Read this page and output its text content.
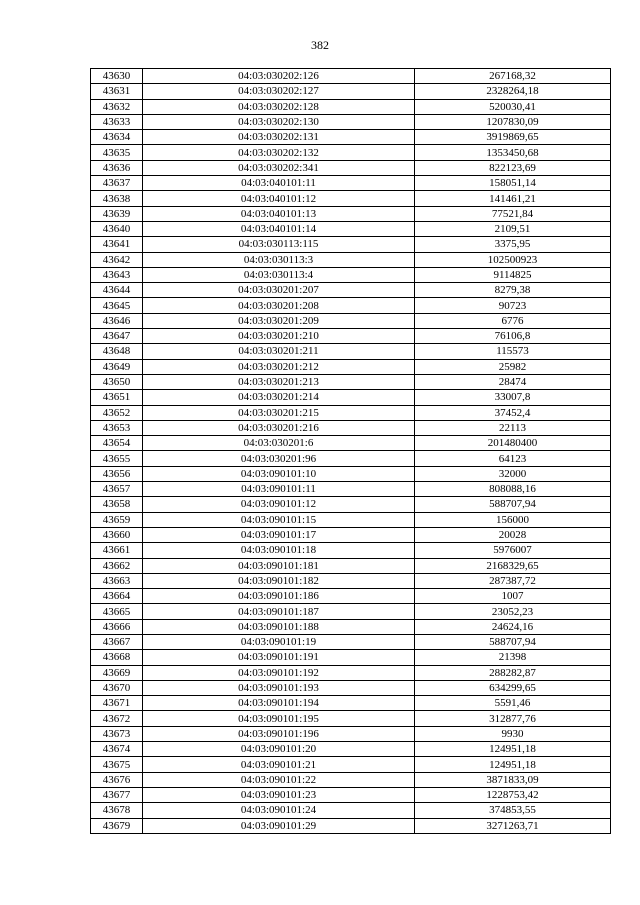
382
43630	04:03:030202:126	267168,32
43631	04:03:030202:127	2328264,18
43632	04:03:030202:128	520030,41
43633	04:03:030202:130	1207830,09
43634	04:03:030202:131	3919869,65
43635	04:03:030202:132	1353450,68
43636	04:03:030202:341	822123,69
43637	04:03:040101:11	158051,14
43638	04:03:040101:12	141461,21
43639	04:03:040101:13	77521,84
43640	04:03:040101:14	2109,51
43641	04:03:030113:115	3375,95
43642	04:03:030113:3	102500923
43643	04:03:030113:4	9114825
43644	04:03:030201:207	8279,38
43645	04:03:030201:208	90723
43646	04:03:030201:209	6776
43647	04:03:030201:210	76106,8
43648	04:03:030201:211	115573
43649	04:03:030201:212	25982
43650	04:03:030201:213	28474
43651	04:03:030201:214	33007,8
43652	04:03:030201:215	37452,4
43653	04:03:030201:216	22113
43654	04:03:030201:6	201480400
43655	04:03:030201:96	64123
43656	04:03:090101:10	32000
43657	04:03:090101:11	808088,16
43658	04:03:090101:12	588707,94
43659	04:03:090101:15	156000
43660	04:03:090101:17	20028
43661	04:03:090101:18	5976007
43662	04:03:090101:181	2168329,65
43663	04:03:090101:182	287387,72
43664	04:03:090101:186	1007
43665	04:03:090101:187	23052,23
43666	04:03:090101:188	24624,16
43667	04:03:090101:19	588707,94
43668	04:03:090101:191	21398
43669	04:03:090101:192	288282,87
43670	04:03:090101:193	634299,65
43671	04:03:090101:194	5591,46
43672	04:03:090101:195	312877,76
43673	04:03:090101:196	9930
43674	04:03:090101:20	124951,18
43675	04:03:090101:21	124951,18
43676	04:03:090101:22	3871833,09
43677	04:03:090101:23	1228753,42
43678	04:03:090101:24	374853,55
43679	04:03:090101:29	3271263,71
